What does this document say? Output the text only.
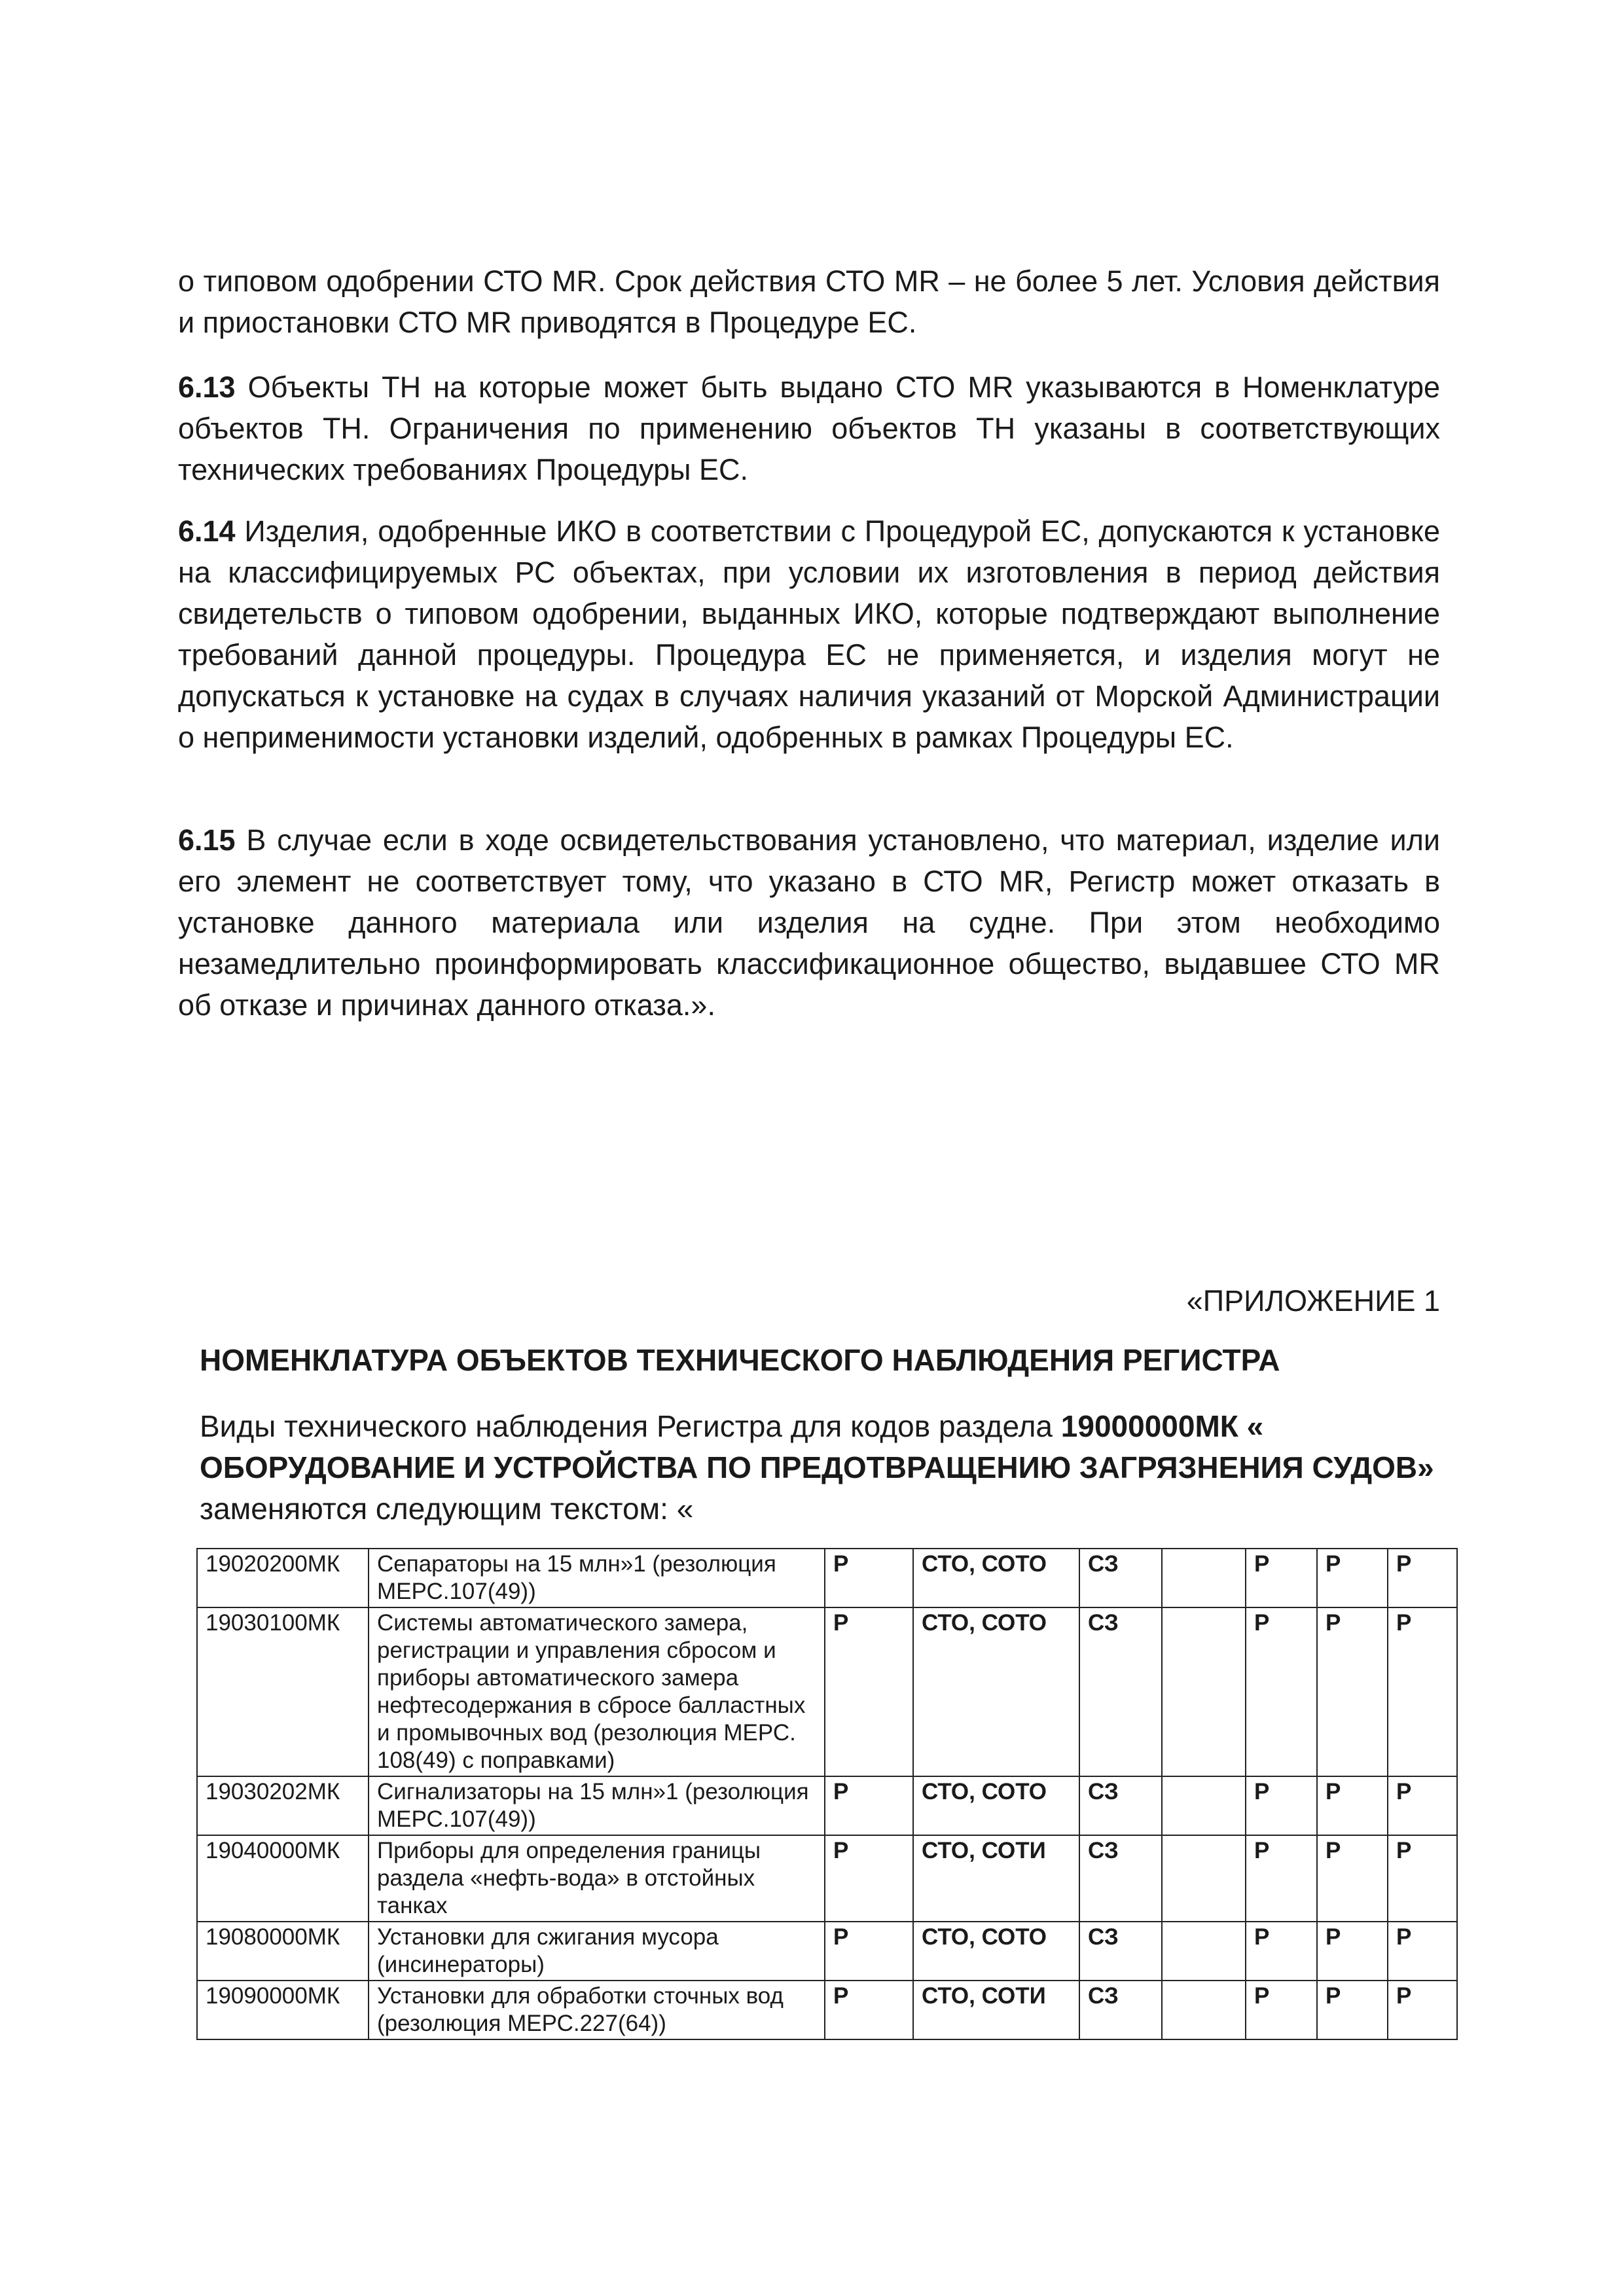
о типовом одобрении СТО MR. Срок действия СТО MR – не более 5 лет. Условия действия и приостановки СТО MR приводятся в Процедуре ЕС.

6.13 Объекты ТН на которые может быть выдано СТО MR указываются в Номенклатуре объектов ТН. Ограничения по применению объектов ТН указаны в соответствующих технических требованиях Процедуры ЕС.

6.14 Изделия, одобренные ИКО в соответствии с Процедурой ЕС, допускаются к установке на классифицируемых РС объектах, при условии их изготовления в период действия свидетельств о типовом одобрении, выданных ИКО, которые подтверждают выполнение требований данной процедуры. Процедура ЕС не применяется, и изделия могут не допускаться к установке на судах в случаях наличия указаний от Морской Администрации о неприменимости установки изделий, одобренных в рамках Процедуры ЕС.

6.15 В случае если в ходе освидетельствования установлено, что материал, изделие или его элемент не соответствует тому, что указано в СТО MR, Регистр может отказать в установке данного материала или изделия на судне. При этом необходимо незамедлительно проинформировать классификационное общество, выдавшее СТО MR об отказе и причинах данного отказа.».

«ПРИЛОЖЕНИЕ 1
НОМЕНКЛАТУРА ОБЪЕКТОВ ТЕХНИЧЕСКОГО НАБЛЮДЕНИЯ РЕГИСТРА

Виды технического наблюдения Регистра для кодов раздела 19000000МК « ОБОРУДОВАНИЕ И УСТРОЙСТВА ПО ПРЕДОТВРАЩЕНИЮ ЗАГРЯЗНЕНИЯ СУДОВ» заменяются следующим текстом: «

19020200МК	Сепараторы на 15 млн»1 (резолюция МЕРС.107(49))	Р	СТО, СОТО	СЗ		Р	Р	Р
19030100МК	Системы автоматического замера, регистрации и управления сбросом и приборы автоматического замера нефтесодержания в сбросе балластных и промывочных вод (резолюция МЕРС. 108(49) с поправками)	Р	СТО, СОТО	СЗ		Р	Р	Р
19030202МК	Сигнализаторы на 15 млн»1 (резолюция МЕРС.107(49))	Р	СТО, СОТО	СЗ		Р	Р	Р
19040000МК	Приборы для определения границы раздела «нефть-вода» в отстойных танках	Р	СТО, СОТИ	СЗ		Р	Р	Р
19080000МК	Установки для сжигания мусора (инсинераторы)	Р	СТО, СОТО	СЗ		Р	Р	Р
19090000МК	Установки для обработки сточных вод (резолюция МЕРС.227(64))	Р	СТО, СОТИ	СЗ		Р	Р	Р
